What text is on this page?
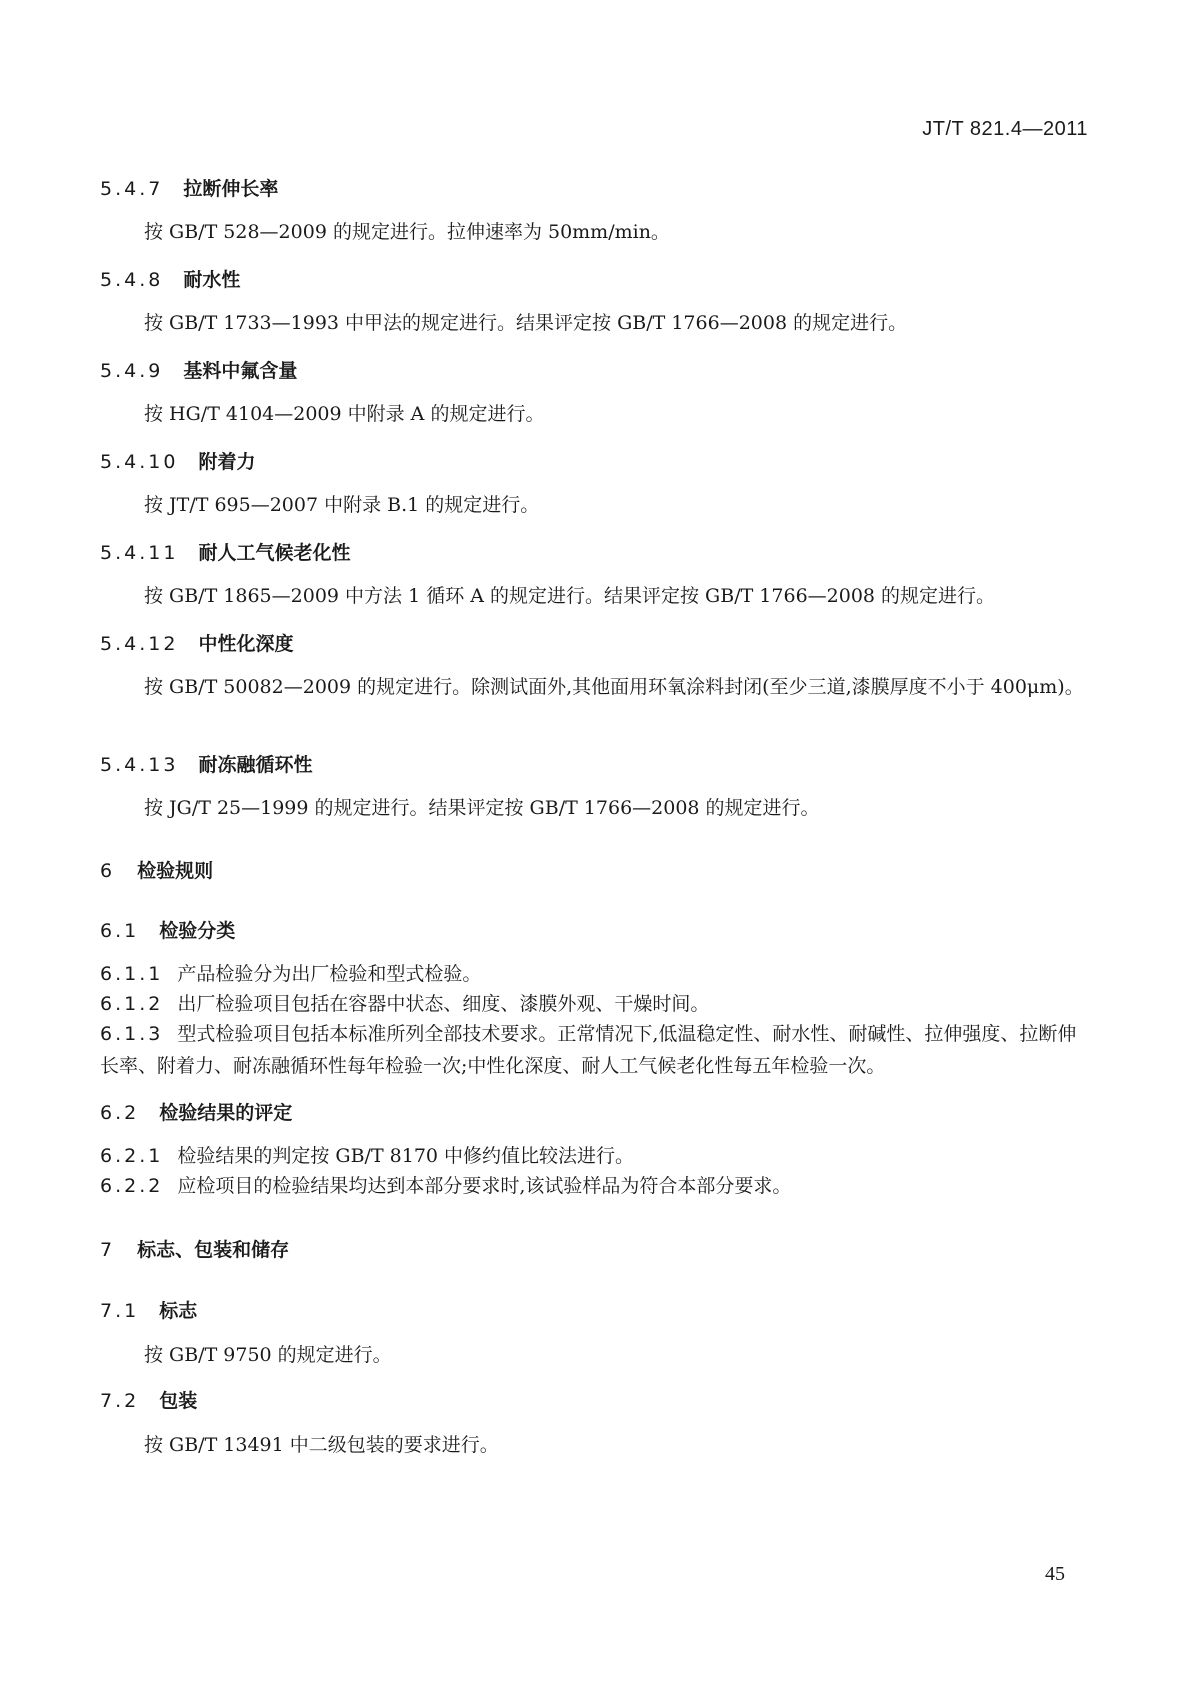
JT/T 821.4—2011
5.4.7 拉断伸长率
按 GB/T 528—2009 的规定进行。拉伸速率为 50mm/min。
5.4.8 耐水性
按 GB/T 1733—1993 中甲法的规定进行。结果评定按 GB/T 1766—2008 的规定进行。
5.4.9 基料中氟含量
按 HG/T 4104—2009 中附录 A 的规定进行。
5.4.10 附着力
按 JT/T 695—2007 中附录 B.1 的规定进行。
5.4.11 耐人工气候老化性
按 GB/T 1865—2009 中方法 1 循环 A 的规定进行。结果评定按 GB/T 1766—2008 的规定进行。
5.4.12 中性化深度
按 GB/T 50082—2009 的规定进行。除测试面外,其他面用环氧涂料封闭(至少三道,漆膜厚度不小于 400μm)。
5.4.13 耐冻融循环性
按 JG/T 25—1999 的规定进行。结果评定按 GB/T 1766—2008 的规定进行。
6 检验规则
6.1 检验分类
6.1.1 产品检验分为出厂检验和型式检验。
6.1.2 出厂检验项目包括在容器中状态、细度、漆膜外观、干燥时间。
6.1.3 型式检验项目包括本标准所列全部技术要求。正常情况下,低温稳定性、耐水性、耐碱性、拉伸强度、拉断伸长率、附着力、耐冻融循环性每年检验一次;中性化深度、耐人工气候老化性每五年检验一次。
6.2 检验结果的评定
6.2.1 检验结果的判定按 GB/T 8170 中修约值比较法进行。
6.2.2 应检项目的检验结果均达到本部分要求时,该试验样品为符合本部分要求。
7 标志、包装和储存
7.1 标志
按 GB/T 9750 的规定进行。
7.2 包装
按 GB/T 13491 中二级包装的要求进行。
45
